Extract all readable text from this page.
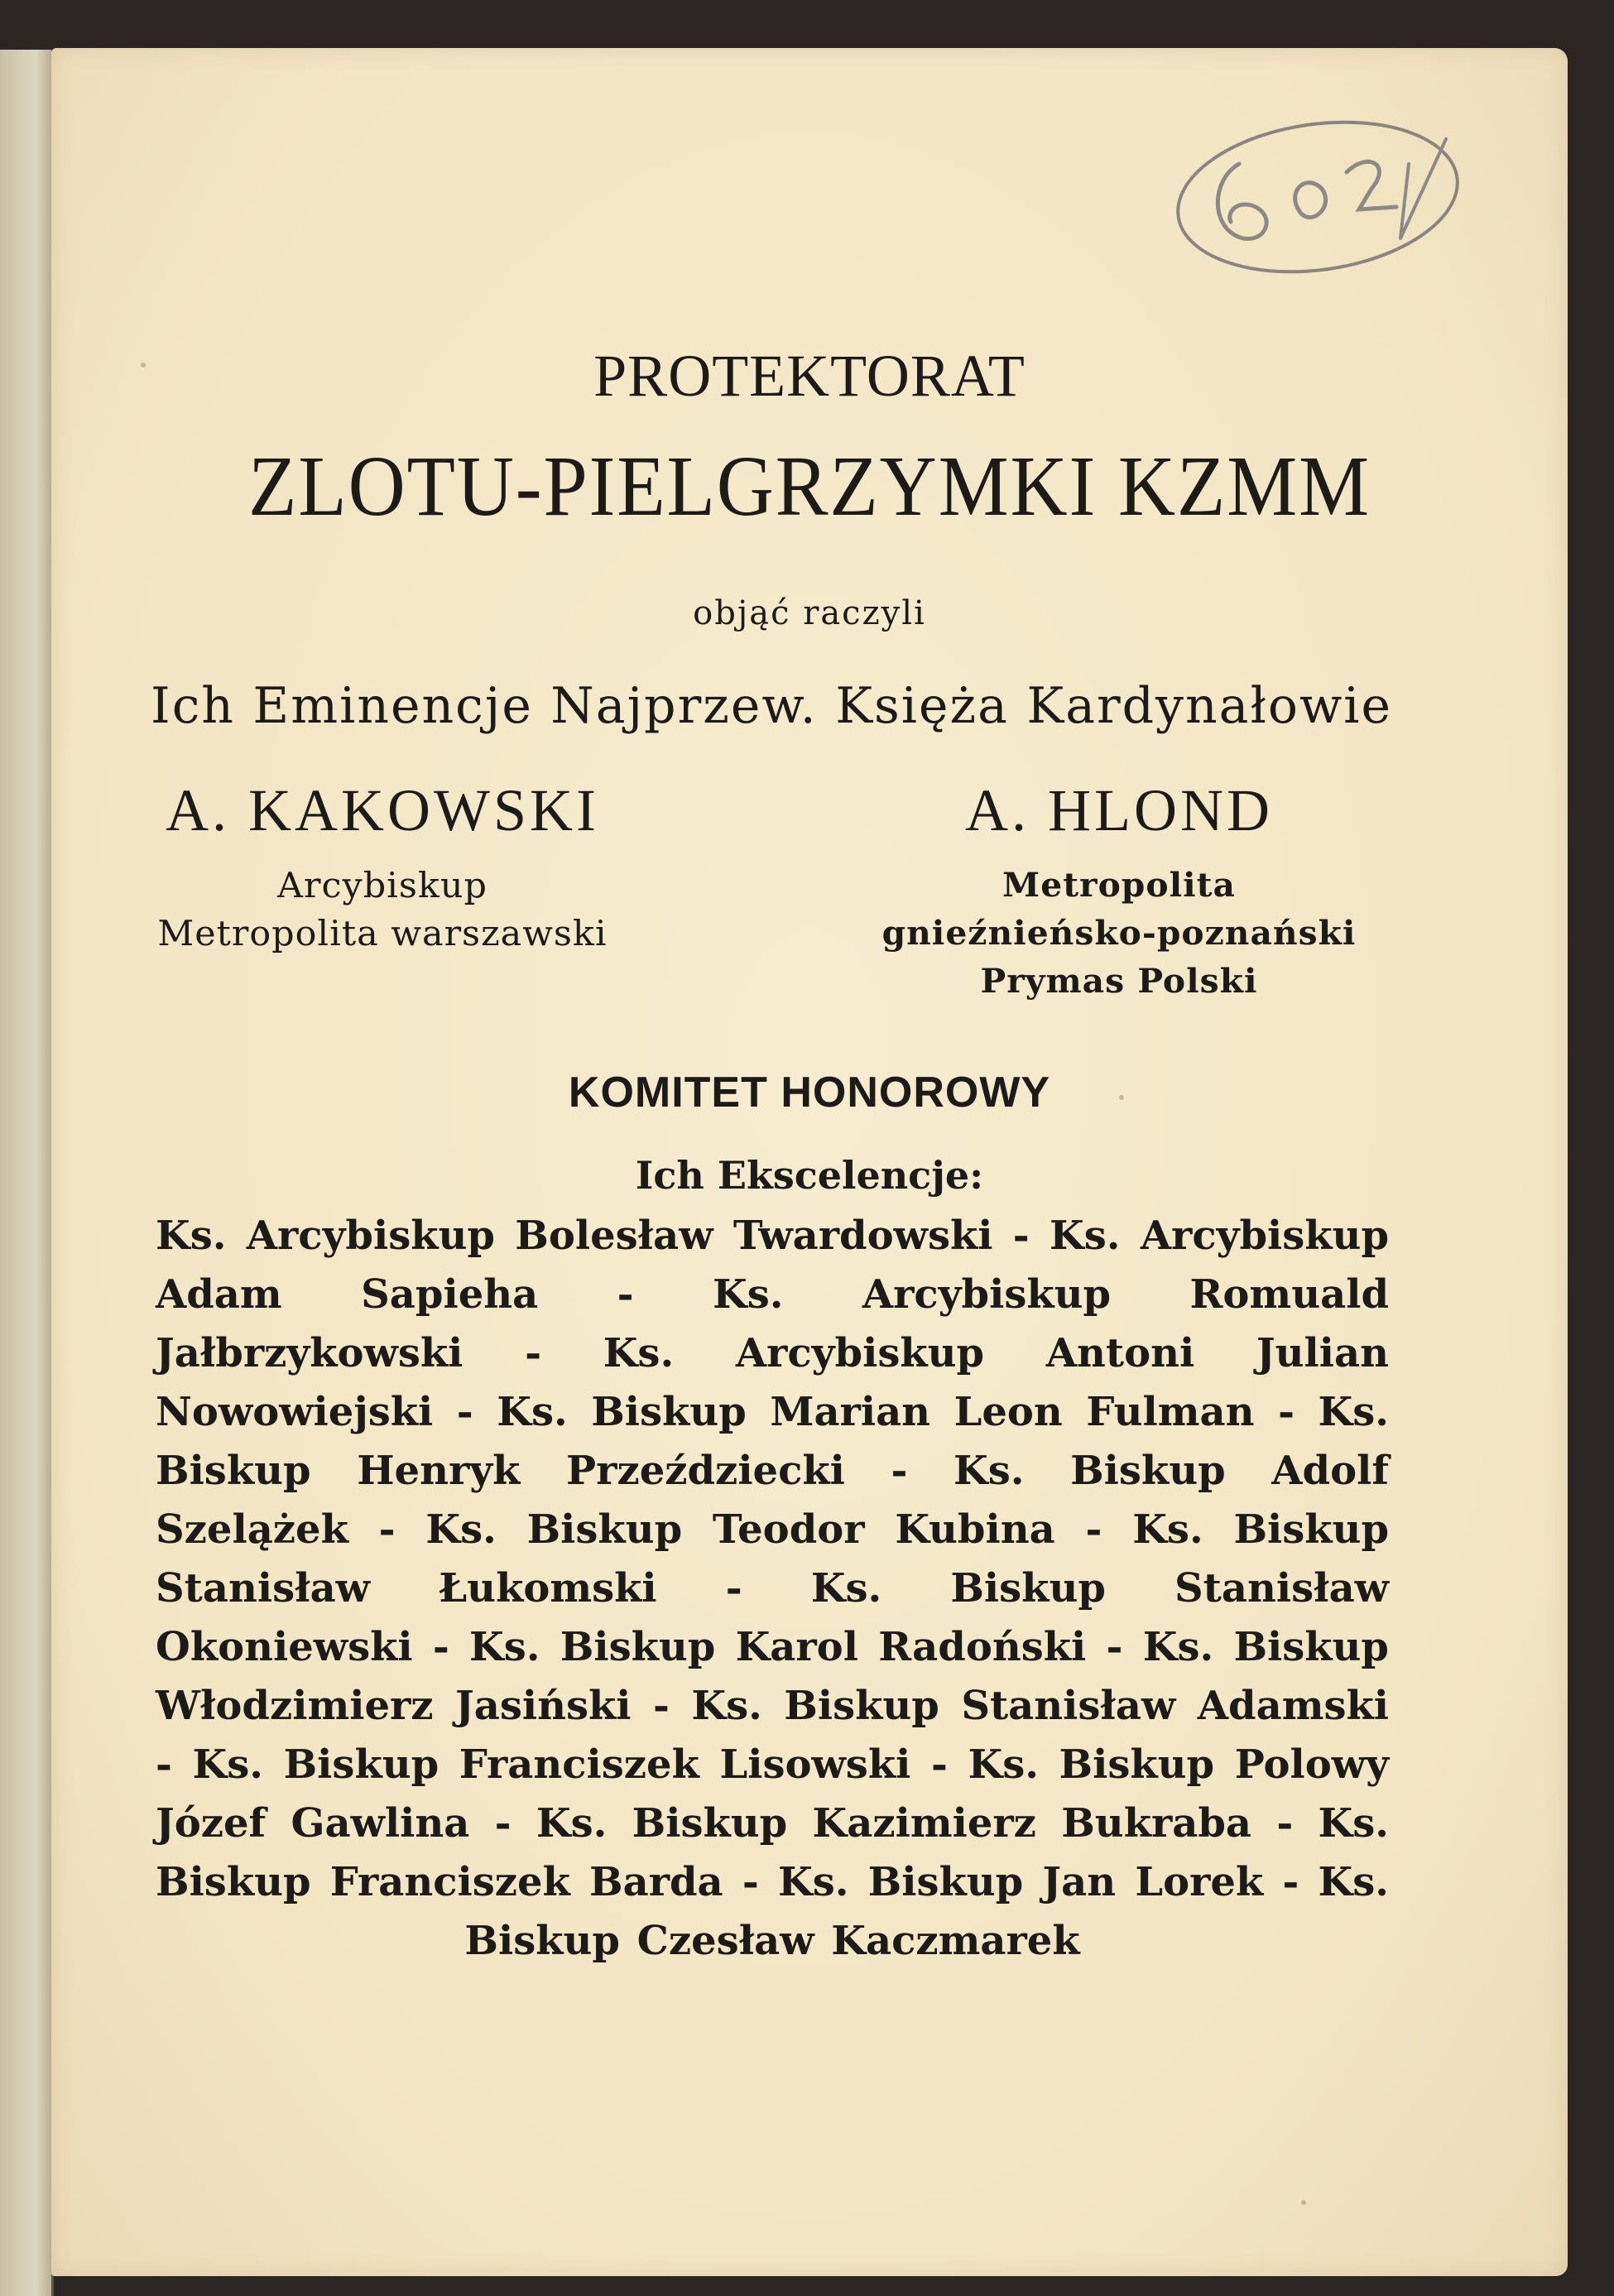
602
PROTEKTORAT
ZLOTU-PIELGRZYMKI KZMM
objąć raczyli
Ich Eminencje Najprzew. Księża Kardynałowie
A. KAKOWSKI
Arcybiskup
Metropolita warszawski
A. HLOND
Metropolita
gnieźnieńsko-poznański
Prymas Polski
KOMITET HONOROWY
Ich Ekscelencje:
Ks. Arcybiskup Bolesław Twardowski - Ks. Arcybiskup Adam Sapieha - Ks. Arcybiskup Romuald Jałbrzykowski - Ks. Arcybiskup Antoni Julian Nowowiejski - Ks. Biskup Marian Leon Fulman - Ks. Biskup Henryk Przeździecki - Ks. Biskup Adolf Szelążek - Ks. Biskup Teodor Kubina - Ks. Biskup Stanisław Łukomski - Ks. Biskup Stanisław Okoniewski - Ks. Biskup Karol Radoński - Ks. Biskup Włodzimierz Jasiński - Ks. Biskup Stanisław Adamski - Ks. Biskup Franciszek Lisowski - Ks. Biskup Polowy Józef Gawlina - Ks. Biskup Kazimierz Bukraba - Ks. Biskup Franciszek Barda - Ks. Biskup Jan Lorek - Ks. Biskup Czesław Kaczmarek
